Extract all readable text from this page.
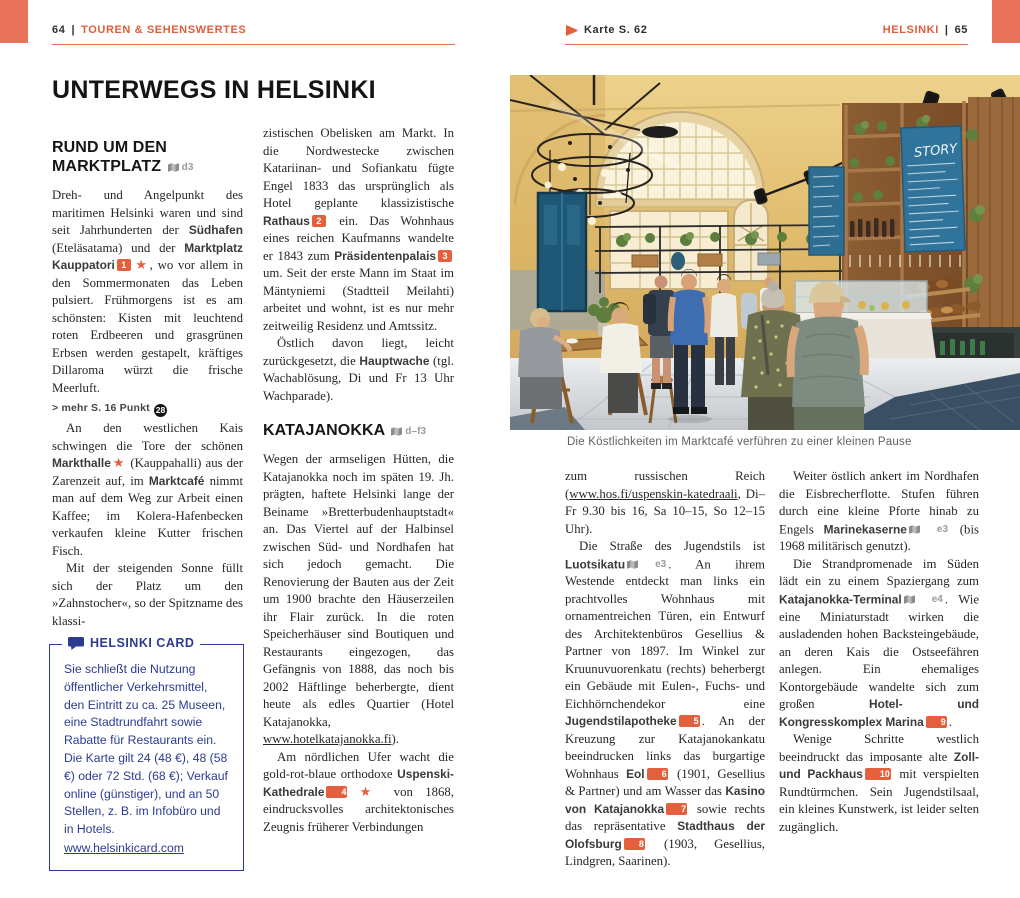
64 | TOUREN & SEHENSWERTES	Karte S. 62	HELSINKI | 65
UNTERWEGS IN HELSINKI
RUND UM DEN MARKTPLATZ d3

Dreh- und Angelpunkt des maritimen Helsinki waren und sind seit Jahrhunderten der Südhafen (Eteläsatama) und der Marktplatz Kauppatori 1 ★, wo vor allem in den Sommermonaten das Leben pulsiert. Frühmorgens ist es am schönsten: Kisten mit leuchtend roten Erdbeeren und grasgrünen Erbsen werden gestapelt, kräftiges Dillaroma würzt die frische Meerluft.

> mehr S. 16 Punkt 28

An den westlichen Kais schwingen die Tore der schönen Markthalle★ (Kauppahalli) aus der Zarenzeit auf, im Marktcafé nimmt man auf dem Weg zur Arbeit einen Kaffee; im Kolera-Hafenbecken verkaufen kleine Kutter frischen Fisch.

Mit der steigenden Sonne füllt sich der Platz um den »Zahnstocher«, so der Spitzname des klassi-

HELSINKI CARD

Sie schließt die Nutzung öffentlicher Verkehrsmittel, den Eintritt zu ca. 25 Museen, eine Stadtrundfahrt sowie Rabatte für Restaurants ein. Die Karte gilt 24 (48 €), 48 (58 €) oder 72 Std. (68 €); Verkauf online (günstiger), und an 50 Stellen, z. B. im Infobüro und in Hotels.

www.helsinkicard.com

zistischen Obelisken am Markt. In die Nordwestecke zwischen Katariinan- und Sofiankatu fügte Engel 1833 das ursprünglich als Hotel geplante klassizistische Rathaus 2 ein. Das Wohnhaus eines reichen Kaufmanns wandelte er 1843 zum Präsidentenpalais 3 um. Seit der erste Mann im Staat im Mäntyniemi (Stadtteil Meilahti) arbeitet und wohnt, ist es nur mehr zeitweilig Residenz und Amtssitz.

Östlich davon liegt, leicht zurückgesetzt, die Hauptwache (tgl. Wachablösung, Di und Fr 13 Uhr Wachparade).

KATAJANOKKA d–f3

Wegen der armseligen Hütten, die Katajanokka noch im späten 19. Jh. prägten, haftete Helsinki lange der Beiname »Bretterbudenhauptstadt« an. Das Viertel auf der Halbinsel zwischen Süd- und Nordhafen hat sich jedoch gemacht. Die Renovierung der Bauten aus der Zeit um 1900 brachte den Häuserzeilen ihr Flair zurück. In die roten Speicherhäuser sind Boutiquen und Restaurants eingezogen, das Gefängnis von 1888, das noch bis 2002 Häftlinge beherbergte, dient heute als edles Quartier (Hotel Katajanokka, www.hotelkatajanokka.fi).

Am nördlichen Ufer wacht die gold-rot-blaue orthodoxe Uspenski-Kathedrale 4 ★ von 1868, eindrucksvolles architektonisches Zeugnis früherer Verbindungen

STORY
Die Köstlichkeiten im Marktcafé verführen zu einer kleinen Pause

zum russischen Reich (www.hos.fi/uspenskin-katedraali, Di–Fr 9.30 bis 16, Sa 10–15, So 12–15 Uhr).

Die Straße des Jugendstils ist Luotsikatu	e3 . An ihrem Westende entdeckt man links ein prachtvolles Wohnhaus mit ornamentreichen Türen, ein Entwurf des Architektenbüros Gesellius & Partner von 1897. Im Winkel zur Kruunuvuorenkatu (rechts) beherbergt ein Gebäude mit Eulen-, Fuchs- und Eichhörnchendekor eine Jugendstilapotheke 5 . An der Kreuzung zur Katajanokankatu beeindrucken links das burgartige Wohnhaus Eol 6 (1901, Gesellius & Partner) und am Wasser das Kasino von Katajanokka 7 sowie rechts das repräsentative Stadthaus der Olofsburg 8 (1903, Gesellius, Lindgren, Saarinen).

Weiter östlich ankert im Nordhafen die Eisbrecherflotte. Stufen führen durch eine kleine Pforte hinab zu Engels Marinekaserne	e3 (bis 1968 militärisch genutzt).

Die Strandpromenade im Süden lädt ein zu einem Spaziergang zum Katajanokka-Terminal	e4 . Wie eine Miniaturstadt wirken die ausladenden hohen Backsteingebäude, an deren Kais die Ostseefähren anlegen. Ein ehemaliges Kontorgebäude wandelte sich zum großen Hotel- und Kongresskomplex Marina 9 .

Wenige Schritte westlich beeindruckt das imposante alte Zoll- und Packhaus 10 mit verspielten Rundtürmchen. Sein Jugendstilsaal, ein kleines Kunstwerk, ist leider selten zugänglich.
